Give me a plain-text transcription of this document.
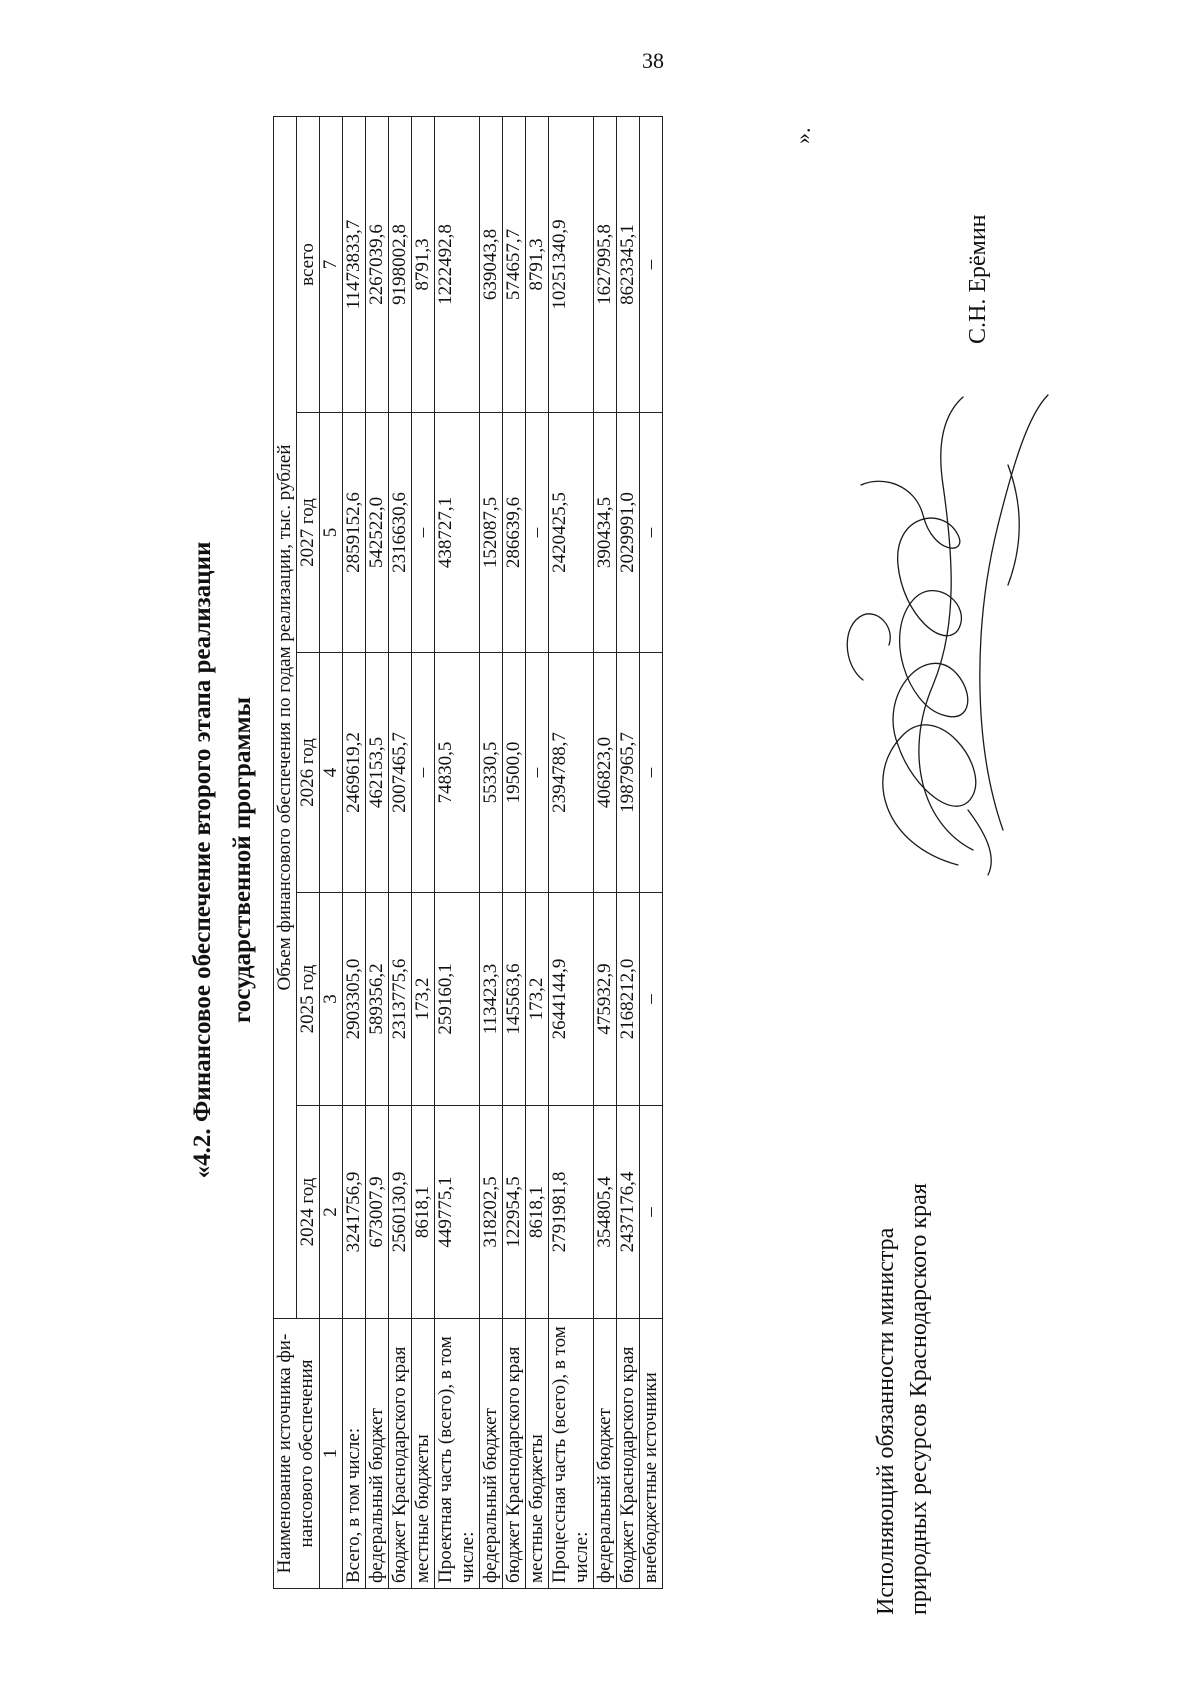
38
«4.2. Финансовое обеспечение второго этапа реализации государственной программы
Наименование источника фи-нансового обеспечения	Объем финансового обеспечения по годам реализации, тыс. рублей				
	2024 год	2025 год	2026 год	2027 год	всего
1	2	3	4	5	7
Всего, в том числе:	3241756,9	2903305,0	2469619,2	2859152,6	11473833,7
федеральный бюджет	673007,9	589356,2	462153,5	542522,0	2267039,6
бюджет Краснодарского края	2560130,9	2313775,6	2007465,7	2316630,6	9198002,8
местные бюджеты	8618,1	173,2	–	–	8791,3
Проектная часть (всего), в том числе:	449775,1	259160,1	74830,5	438727,1	1222492,8
федеральный бюджет	318202,5	113423,3	55330,5	152087,5	639043,8
бюджет Краснодарского края	122954,5	145563,6	19500,0	286639,6	574657,7
местные бюджеты	8618,1	173,2	–	–	8791,3
Процессная часть (всего), в том числе:	2791981,8	2644144,9	2394788,7	2420425,5	10251340,9
федеральный бюджет	354805,4	475932,9	406823,0	390434,5	1627995,8
бюджет Краснодарского края	2437176,4	2168212,0	1987965,7	2029991,0	8623345,1
внебюджетные источники	–	–	–	–	–
».
Исполняющий обязанности министра природных ресурсов Краснодарского края
С.Н. Ерёмин
